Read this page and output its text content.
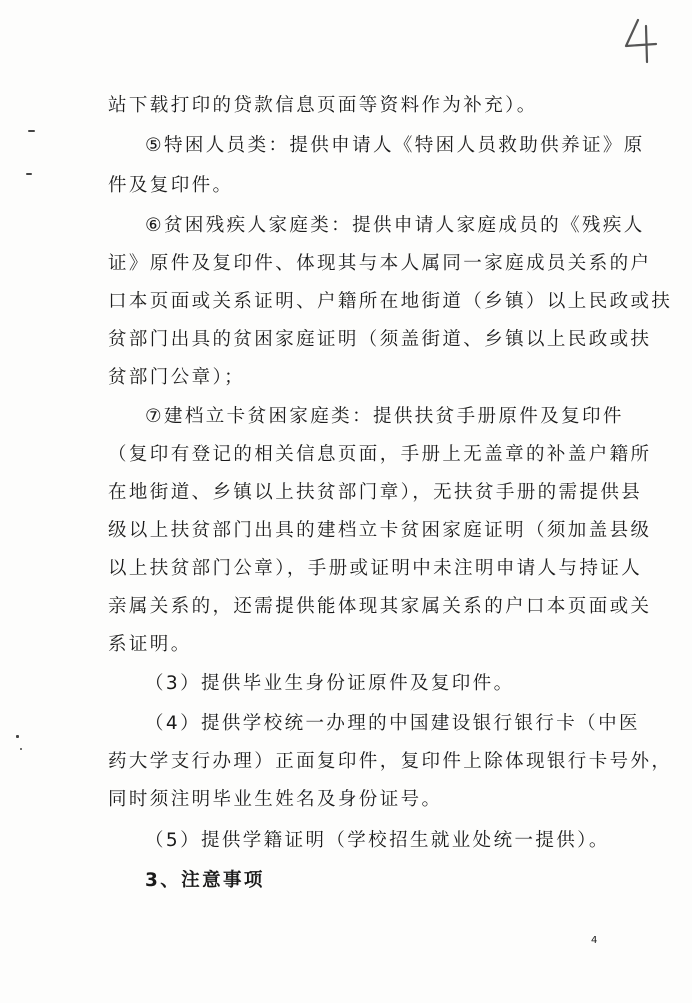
站下载打印的贷款信息页面等资料作为补充）。
⑤特困人员类：提供申请人《特困人员救助供养证》原
件及复印件。
⑥贫困残疾人家庭类：提供申请人家庭成员的《残疾人
证》原件及复印件、体现其与本人属同一家庭成员关系的户
口本页面或关系证明、户籍所在地街道（乡镇）以上民政或扶
贫部门出具的贫困家庭证明（须盖街道、乡镇以上民政或扶
贫部门公章）；
⑦建档立卡贫困家庭类：提供扶贫手册原件及复印件
（复印有登记的相关信息页面，手册上无盖章的补盖户籍所
在地街道、乡镇以上扶贫部门章），无扶贫手册的需提供县
级以上扶贫部门出具的建档立卡贫困家庭证明（须加盖县级
以上扶贫部门公章），手册或证明中未注明申请人与持证人
亲属关系的，还需提供能体现其家属关系的户口本页面或关
系证明。
（3）提供毕业生身份证原件及复印件。
（4）提供学校统一办理的中国建设银行银行卡（中医
药大学支行办理）正面复印件，复印件上除体现银行卡号外，
同时须注明毕业生姓名及身份证号。
（5）提供学籍证明（学校招生就业处统一提供）。
3、注意事项
4
